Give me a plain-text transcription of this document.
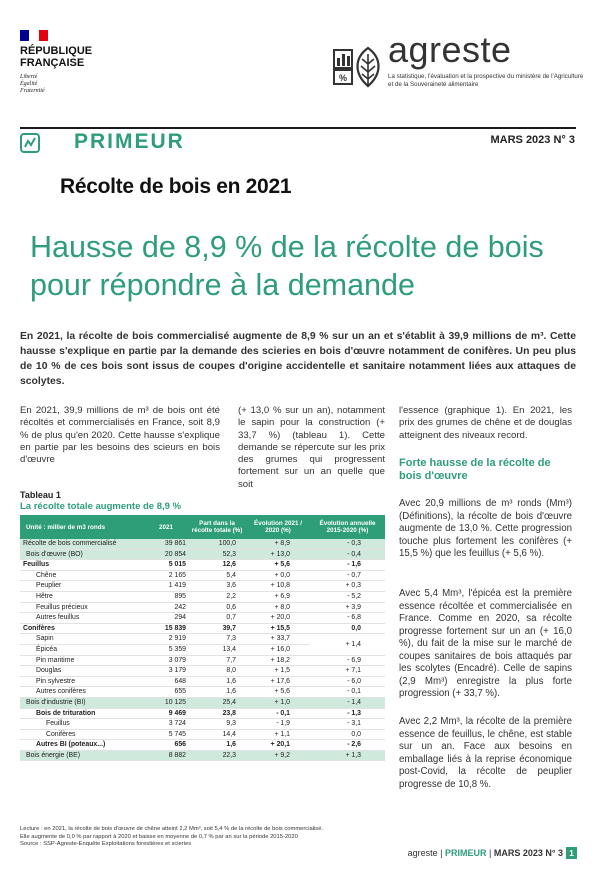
RÉPUBLIQUE
FRANÇAISE
Liberté
Égalité
Fraternité
%
agreste
La statistique, l'évaluation et la prospective du ministère de l'Agriculture et de la Souveraineté alimentaire
PRIMEUR	MARS 2023 N° 3
Récolte de bois en 2021
Hausse de 8,9 % de la récolte de bois pour répondre à la demande
En 2021, la récolte de bois commercialisé augmente de 8,9 % sur un an et s'établit à 39,9 millions de m³. Cette hausse s'explique en partie par la demande des scieries en bois d'œuvre notamment de conifères. Un peu plus de 10 % de ces bois sont issus de coupes d'origine accidentelle et sanitaire notamment liées aux attaques de scolytes.
En 2021, 39,9 millions de m³ de bois ont été récoltés et commercialisés en France, soit 8,9 % de plus qu'en 2020. Cette hausse s'explique en partie par les besoins des scieurs en bois d'œuvre
(+ 13,0 % sur un an), notamment le sapin pour la construction (+ 33,7 %) (tableau 1). Cette demande se répercute sur les prix des grumes qui progressent fortement sur un an quelle que soit
l'essence (graphique 1). En 2021, les prix des grumes de chêne et de douglas atteignent des niveaux record.
Forte hausse de la récolte de bois d'œuvre
Avec 20,9 millions de m³ ronds (Mm³) (Définitions), la récolte de bois d'œuvre augmente de 13,0 %. Cette progression touche plus fortement les conifères (+ 15,5 %) que les feuillus (+ 5,6 %).
Avec 5,4 Mm³, l'épicéa est la première essence récoltée et commercialisée en France. Comme en 2020, sa récolte progresse fortement sur un an (+ 16,0 %), du fait de la mise sur le marché de coupes sanitaires de bois attaqués par les scolytes (Encadré). Celle de sapins (2,9 Mm³) enregistre la plus forte progression (+ 33,7 %).
Avec 2,2 Mm³, la récolte de la première essence de feuillus, le chêne, est stable sur un an. Face aux besoins en emballage liés à la reprise économique post-Covid, la récolte de peuplier progresse de 10,8 %.
Tableau 1
La récolte totale augmente de 8,9 %
Unité : millier de m3 ronds	2021	Part dans la récolte totale (%)	Évolution 2021 / 2020 (%)	Évolution annuelle 2015-2020 (%)
Récolte de bois commercialisé	39 861	100,0	+ 8,9	- 0,3
Bois d'œuvre (BO)	20 854	52,3	+ 13,0	- 0,4
Feuillus	5 015	12,6	+ 5,6	- 1,6
Chêne	2 165	5,4	+ 0,0	- 0,7
Peuplier	1 419	3,6	+ 10,8	+ 0,3
Hêtre	895	2,2	+ 6,9	- 5,2
Feuillus précieux	242	0,6	+ 8,0	+ 3,9
Autres feuillus	294	0,7	+ 20,0	- 6,8
Conifères	15 839	39,7	+ 15,5	0,0
Sapin	2 919	7,3	+ 33,7	+ 1,4
Épicéa	5 359	13,4	+ 16,0	
Pin maritime	3 079	7,7	+ 18,2	- 6,9
Douglas	3 179	8,0	+ 1,5	+ 7,1
Pin sylvestre	648	1,6	+ 17,6	- 6,0
Autres conifères	655	1,6	+ 5,6	- 0,1
Bois d'industrie (BI)	10 125	25,4	+ 1,0	- 1,4
Bois de trituration	9 469	23,8	- 0,1	- 1,3
Feuillus	3 724	9,3	- 1,9	- 3,1
Conifères	5 745	14,4	+ 1,1	0,0
Autres BI (poteaux...)	656	1,6	+ 20,1	- 2,6
Bois énergie (BE)	8 882	22,3	+ 9,2	+ 1,3
Lecture : en 2021, la récolte de bois d'œuvre de chêne atteint 2,2 Mm³, soit 5,4 % de la récolte de bois commercialisé.
Elle augmente de 0,0 % par rapport à 2020 et baisse en moyenne de 0,7 % par an sur la période 2015-2020
Source : SSP-Agreste-Enquête Exploitations forestières et scieries
agreste | PRIMEUR | MARS 2023 N° 3 1
